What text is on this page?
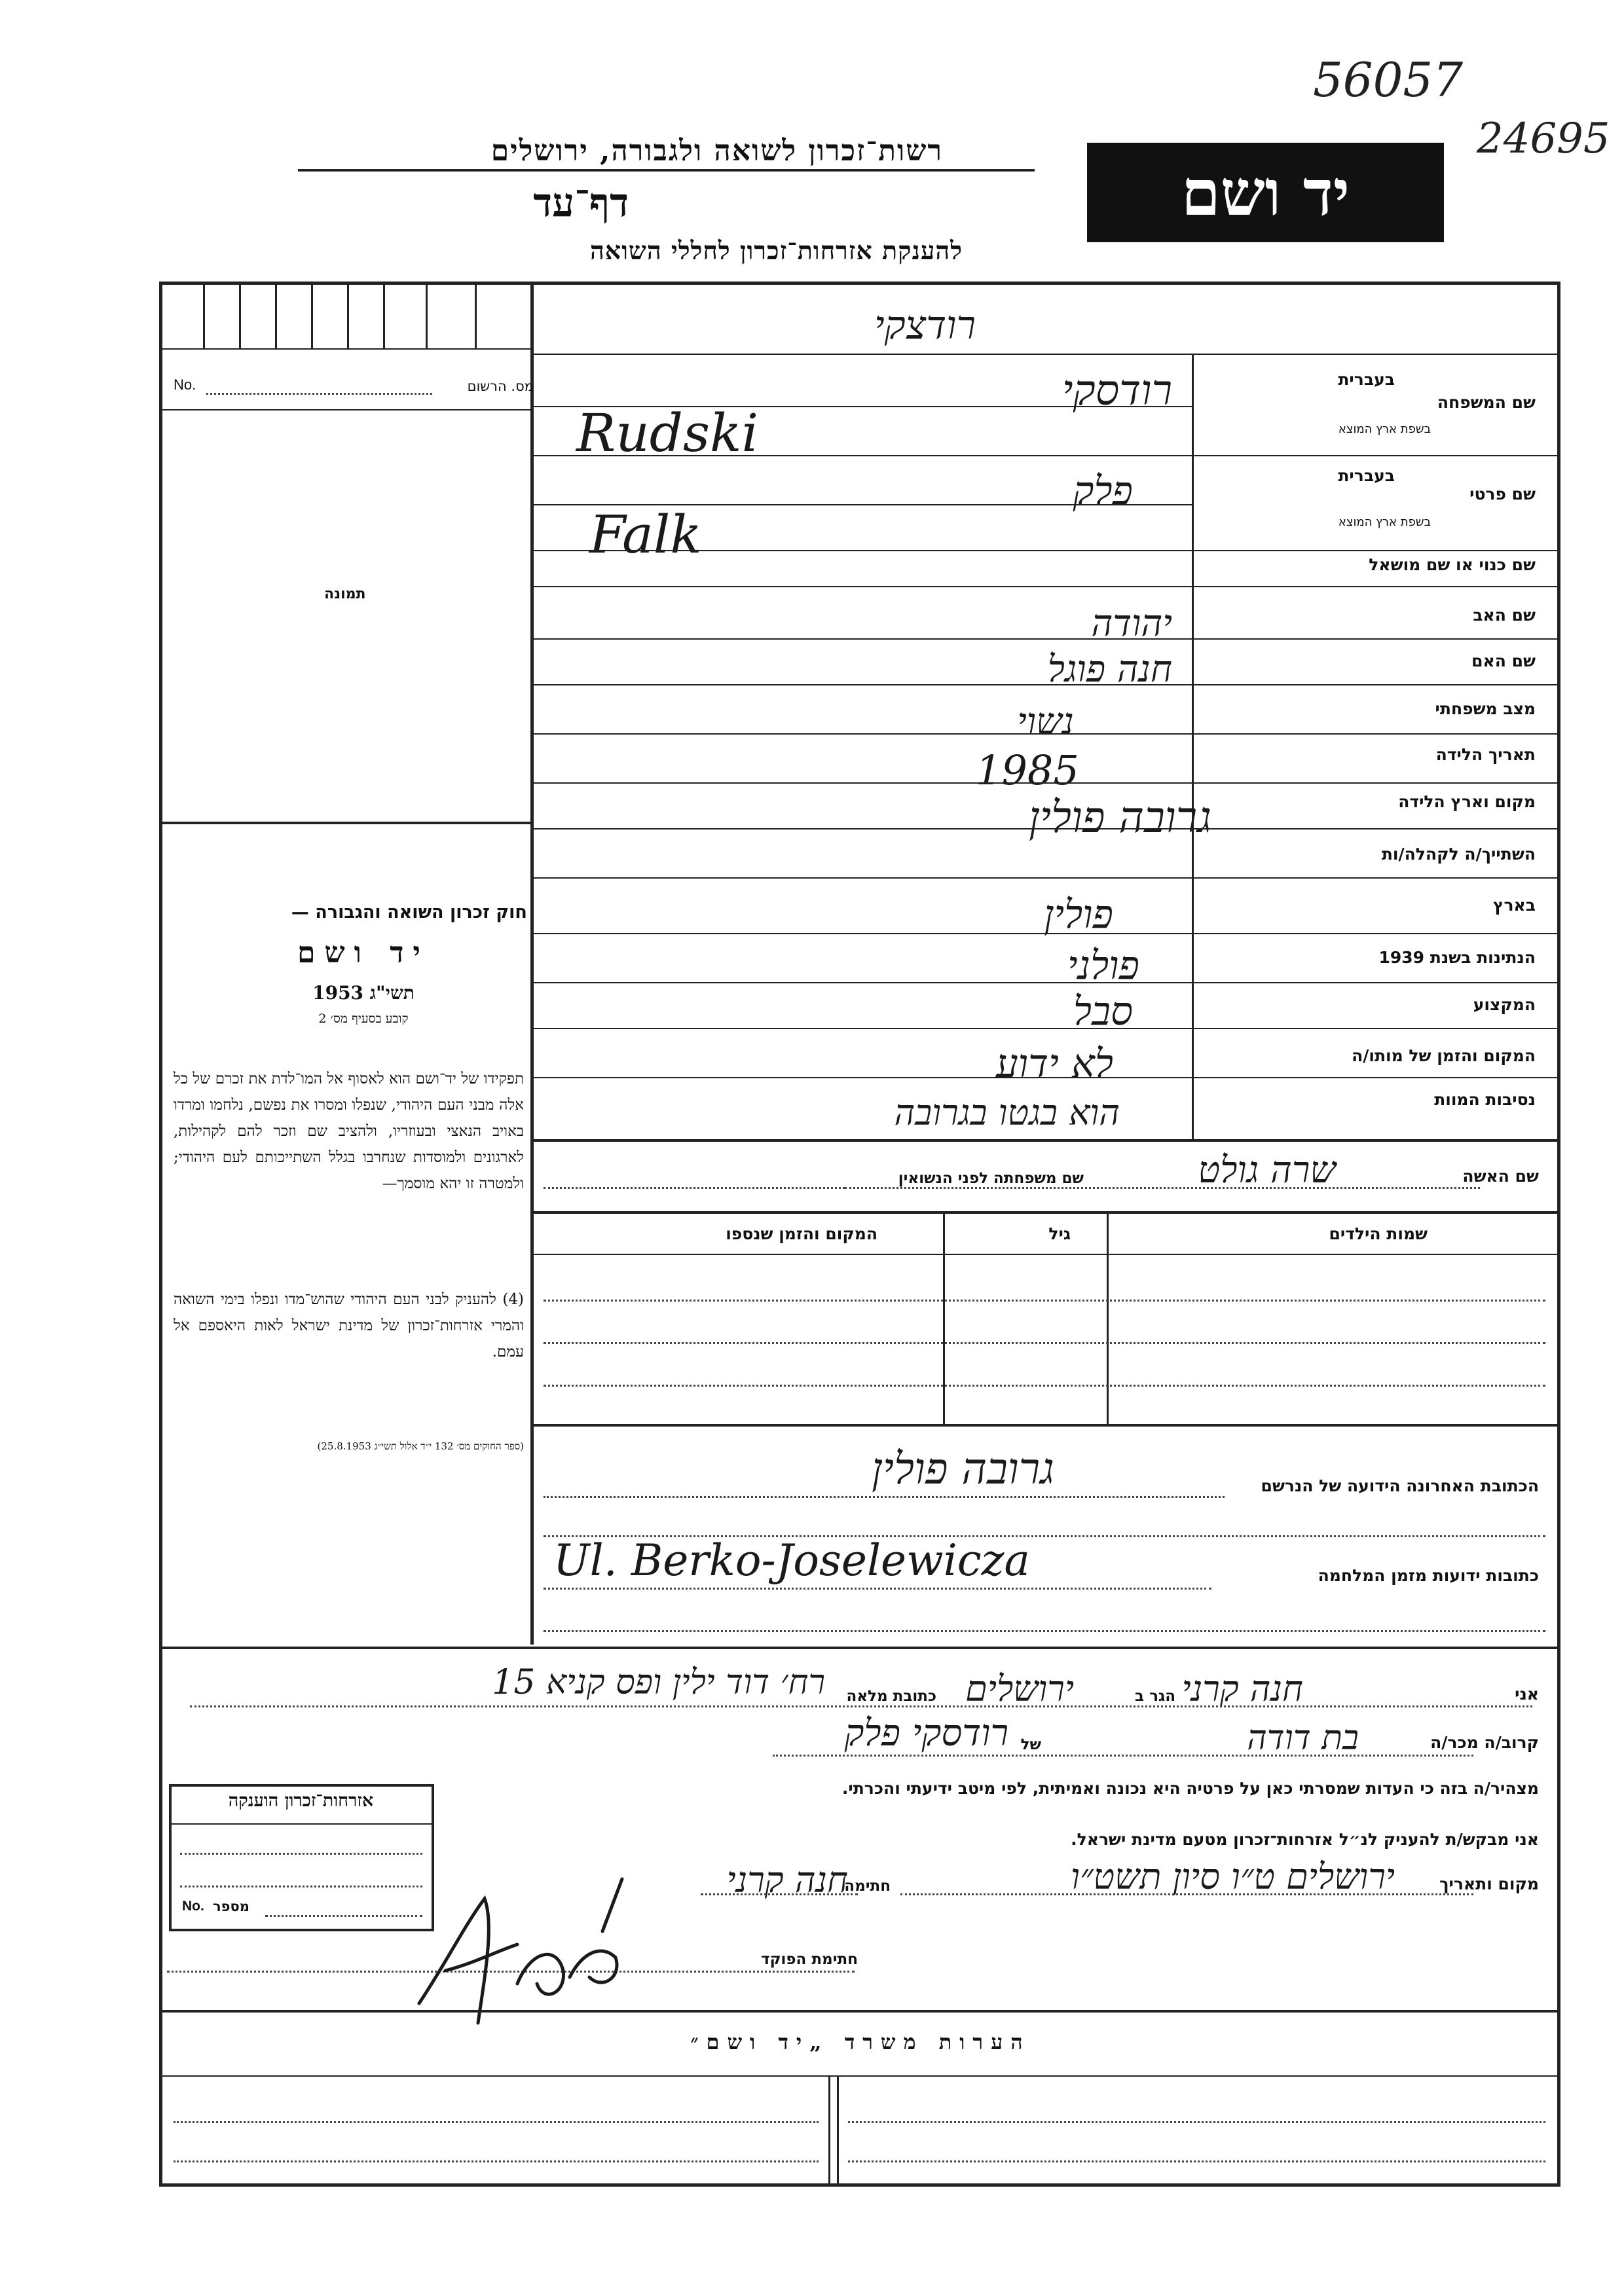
56057
24695
רשות־זכרון לשואה ולגבורה, ירושלים
דף־עד
להענקת אזרחות־זכרון לחללי השואה
יד ושם
מס. הרשום
No.
תמונה
חוק זכרון השואה והגבורה —
יד ושם
תשי"ג 1953
קובע בסעיף מס׳ 2
תפקידו של יד־ושם הוא לאסוף אל המו־לדת את זכרם של כל אלה מבני העם היהודי, שנפלו ומסרו את נפשם, נלחמו ומרדו באויב הנאצי ובעוזריו, ולהציב שם וזכר להם לקהילות, לארגונים ולמוסדות שנחרבו בגלל השתייכותם לעם היהודי; ולמטרה זו יהא מוסמך—
(4) להעניק לבני העם היהודי שהוש־מדו ונפלו בימי השואה והמרי אזרחות־זכרון של מדינת ישראל לאות היאספם אל עמם.
(ספר החוקים מס׳ 132 י״ד אלול תשי״ג 25.8.1953)
רודצקי
שם המשפחה
בעברית
בשפת ארץ המוצא
רודסקי
Rudski
שם פרטי
בעברית
בשפת ארץ המוצא
פלק
Falk	שם כנוי או שם מושאל
שם האב
יהודה
שם האם
חנה פוגל
מצב משפחתי
נשוי
תאריך הלידה
1985
מקום וארץ הלידה
גרובה פולין
השתייך/ה לקהלה/ות
בארץ
פולין
הנתינות בשנת 1939
פולני
המקצוע
סבל
המקום והזמן של מותו/ה
לא ידוע
נסיבות המוות
הוא בגטו בגרובה
שם האשה
שם משפחתה לפני הנשואין	שרה גולט
שמות הילדים
גיל
המקום והזמן שנספו
הכתובת האחרונה הידועה של הנרשם
גרובה פולין
כתובות ידועות מזמן המלחמה
Ul. Berko-Joselewicza
אני
חנה קרני
הגר ב
ירושלים
כתובת מלאה
רח׳ דוד ילין ופס קניא 15
קרוב/ה מכר/ה
בת דודה
של
רודסקי פלק
מצהיר/ה בזה כי העדות שמסרתי כאן על פרטיה היא נכונה ואמיתית, לפי מיטב ידיעתי והכרתי.
אני מבקש/ת להעניק לנ״ל אזרחות־זכרון מטעם מדינת ישראל.
מקום ותאריך
ירושלים ט״ו סיון תשט״ו
חתימה
חנה קרני
חתימת הפוקד
אזרחות־זכרון הוענקה
No. מספר
הערות משרד „יד ושם״
